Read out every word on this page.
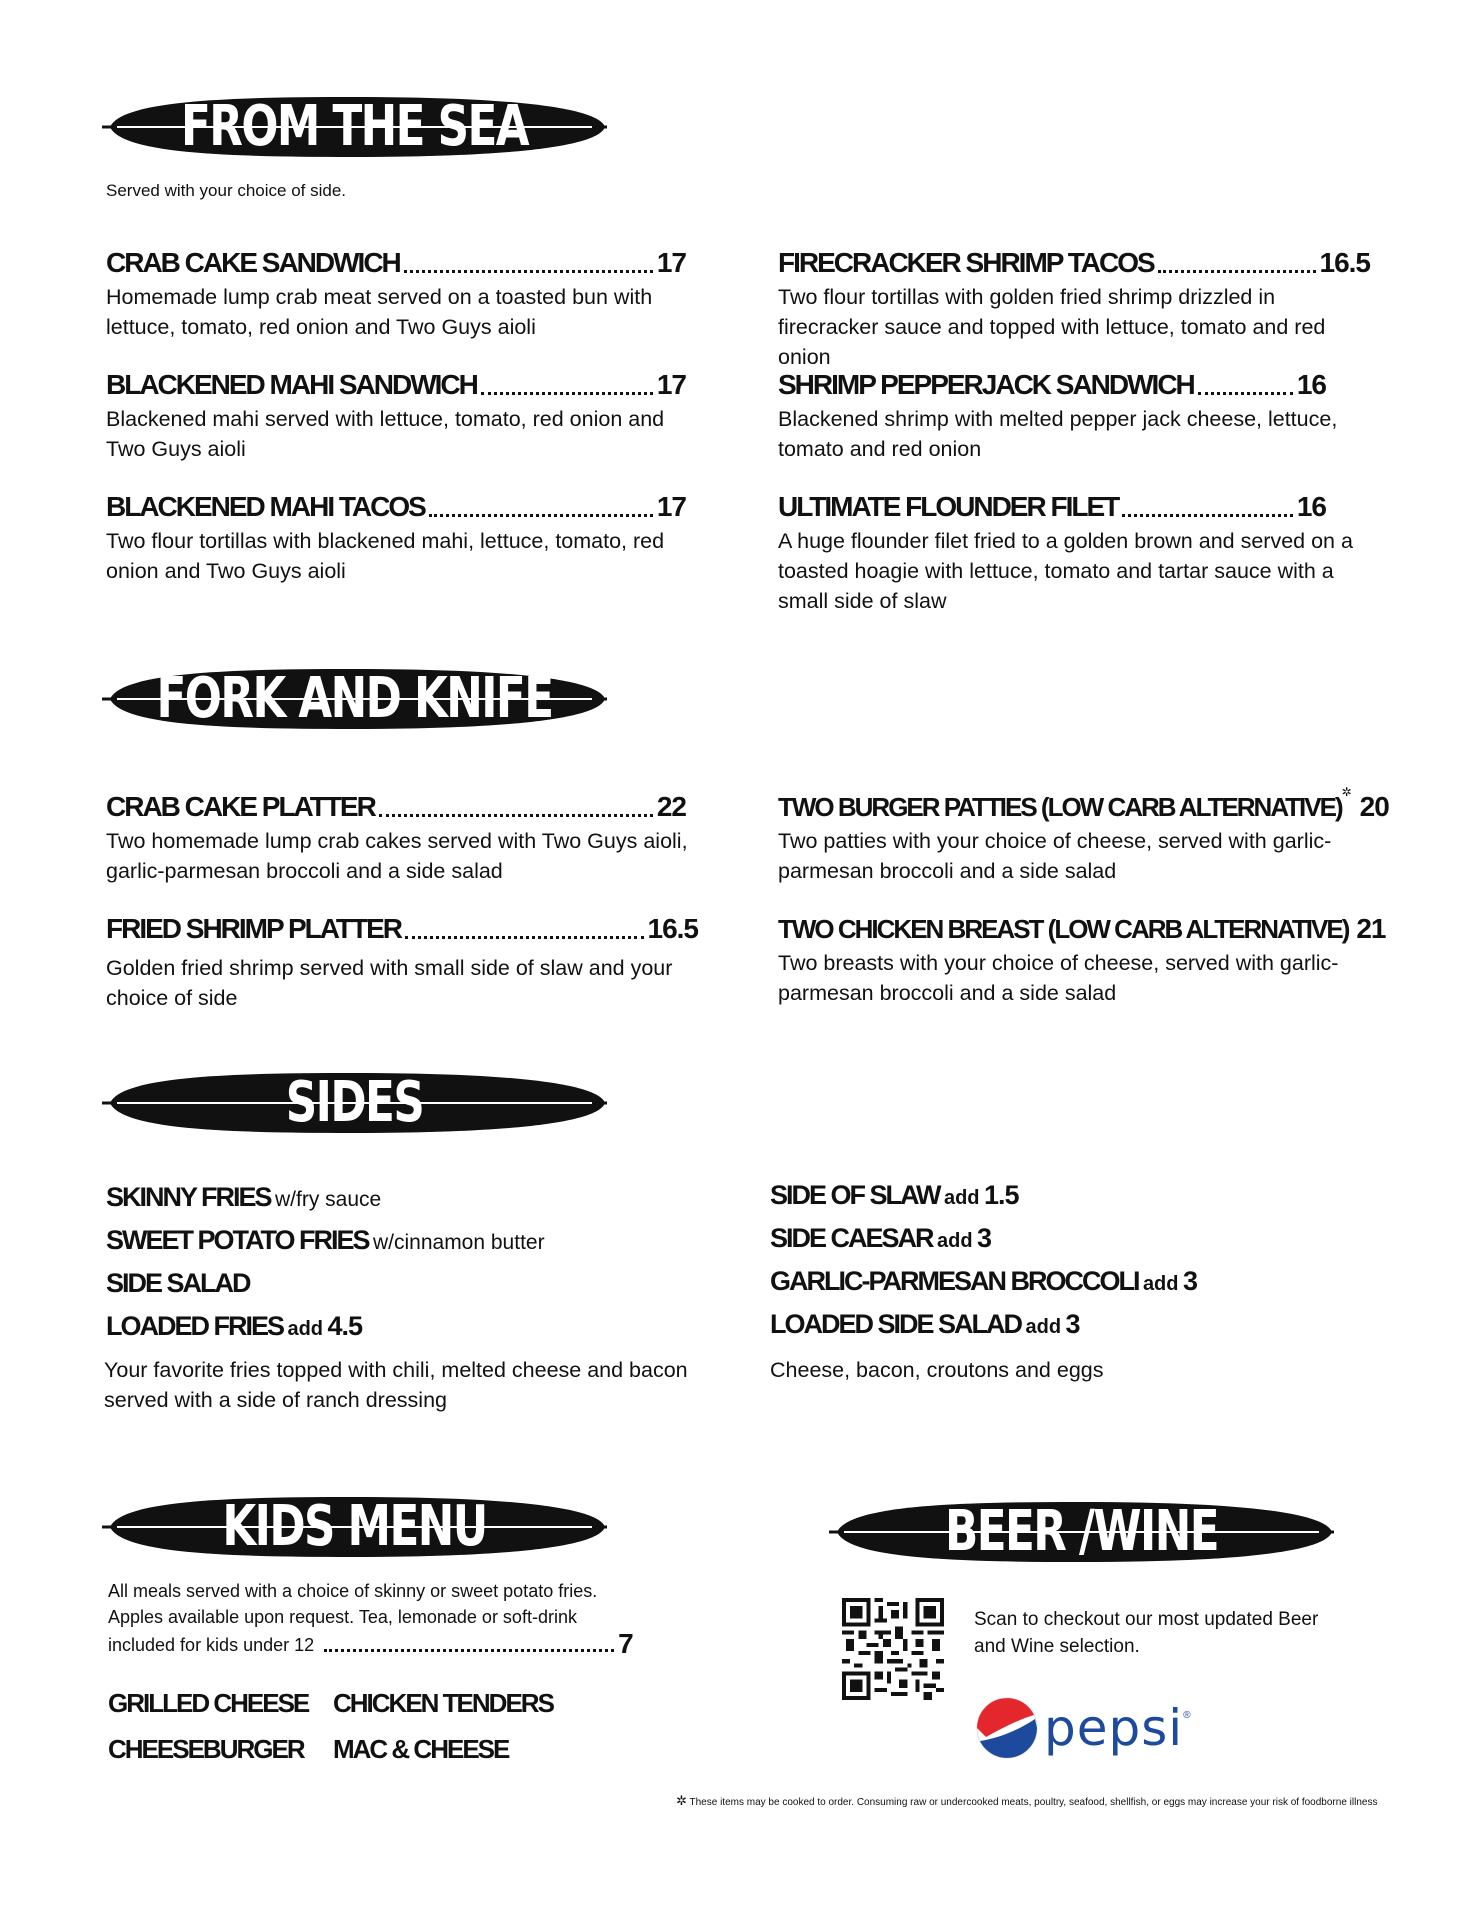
FROM THE SEA
Served with your choice of side.
CRAB CAKE SANDWICH	17
Homemade lump crab meat served on a toasted bun with lettuce, tomato, red onion and Two Guys aioli
BLACKENED MAHI SANDWICH	17
Blackened mahi served with lettuce, tomato, red onion and Two Guys aioli
BLACKENED MAHI TACOS	17
Two flour tortillas with blackened mahi, lettuce, tomato, red onion and Two Guys aioli
FIRECRACKER SHRIMP TACOS	16.5
Two flour tortillas with golden fried shrimp drizzled in firecracker sauce and topped with lettuce, tomato and red onion
SHRIMP PEPPERJACK SANDWICH	16
Blackened shrimp with melted pepper jack cheese, lettuce, tomato and red onion
ULTIMATE FLOUNDER FILET	16
A huge flounder filet fried to a golden brown and served on a toasted hoagie with lettuce, tomato and tartar sauce with a small side of slaw
FORK AND KNIFE
CRAB CAKE PLATTER	22
Two homemade lump crab cakes served with Two Guys aioli, garlic-parmesan broccoli and a side salad
FRIED SHRIMP PLATTER	16.5
Golden fried shrimp served with small side of slaw and your choice of side
TWO BURGER PATTIES (LOW CARB ALTERNATIVE) ✲ 20
Two patties with your choice of cheese, served with garlic-parmesan broccoli and a side salad
TWO CHICKEN BREAST (LOW CARB ALTERNATIVE) 21
Two breasts with your choice of cheese, served with garlic-parmesan broccoli and a side salad
SIDES
SKINNY FRIES w/fry sauce
SWEET POTATO FRIES w/cinnamon butter
SIDE SALAD
LOADED FRIES add 4.5
Your favorite fries topped with chili, melted cheese and bacon served with a side of ranch dressing
SIDE OF SLAW add 1.5
SIDE CAESAR add 3
GARLIC-PARMESAN BROCCOLI add 3
LOADED SIDE SALAD add 3
Cheese, bacon, croutons and eggs
KIDS MENU
All meals served with a choice of skinny or sweet potato fries.
Apples available upon request. Tea, lemonade or soft-drink
included for kids under 12	7
GRILLED CHEESE CHICKEN TENDERS
CHEESEBURGER MAC & CHEESE
BEER /WINE
Scan to checkout our most updated Beer and Wine selection.
pepsi ®
✲ These items may be cooked to order. Consuming raw or undercooked meats, poultry, seafood, shellfish, or eggs may increase your risk of foodborne illness
